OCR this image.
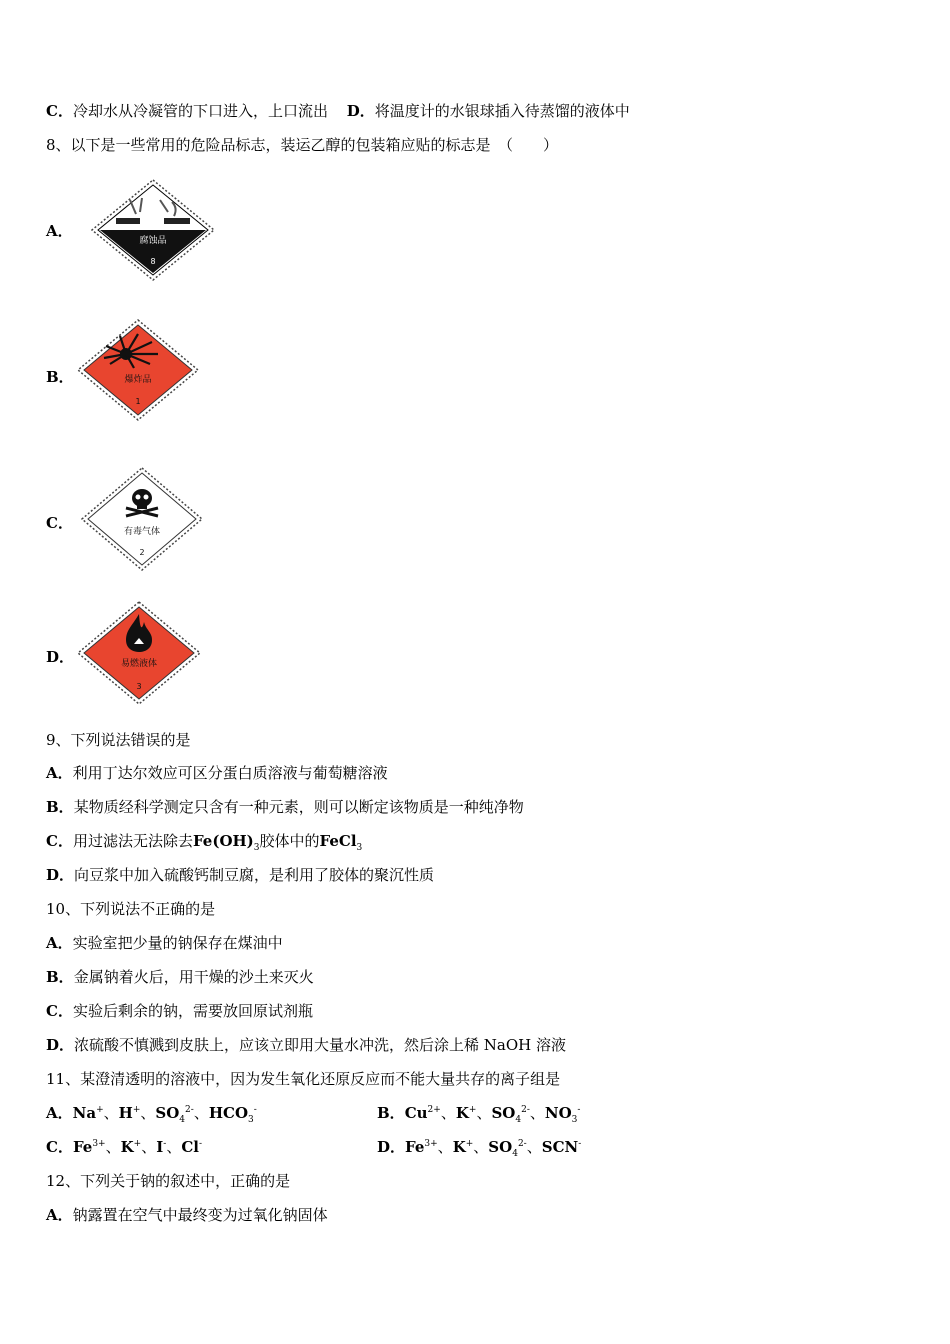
C．冷却水从冷凝管的下口进入，上口流出 D．将温度计的水银球插入待蒸馏的液体中
8、以下是一些常用的危险品标志，装运乙醇的包装箱应贴的标志是　（　　）
A．
腐蚀品
8
B．	爆炸品
1
C．	有毒气体
2
D．	易燃液体
3
9、下列说法错误的是
A．利用丁达尔效应可区分蛋白质溶液与葡萄糖溶液
B．某物质经科学测定只含有一种元素，则可以断定该物质是一种纯净物
C．用过滤法无法除去$Fe(OH)_3$胶体中的FeCl$_3$
D．向豆浆中加入硫酸钙制豆腐，是利用了胶体的聚沉性质
10、下列说法不正确的是
A．实验室把少量的钠保存在煤油中
B．金属钠着火后，用干燥的沙土来灭火
C．实验后剩余的钠，需要放回原试剂瓶
D．浓硫酸不慎溅到皮肤上，应该立即用大量水冲洗，然后涂上稀 NaOH 溶液
11、某澄清透明的溶液中，因为发生氧化还原反应而不能大量共存的离子组是
A．Na+、H+、$SO_4^{2-}$、$HCO_3^-$	B．$Cu^{2+}$、K+、$SO_4^{2-}$、$NO_3^-$
C．$Fe^{3+}$、K+、I-、Cl-	D．$Fe^{3+}$、K+、$SO_4^{2-}$、SCN-
12、下列关于钠的叙述中，正确的是
A．钠露置在空气中最终变为过氧化钠固体
